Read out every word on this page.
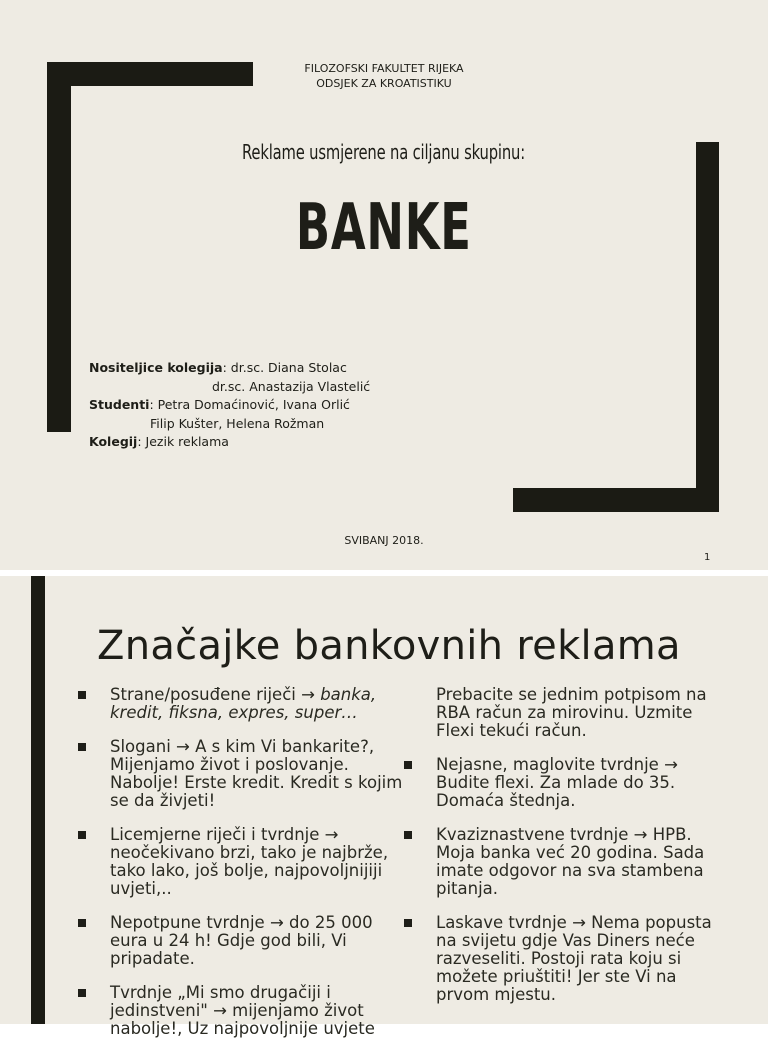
FILOZOFSKI FAKULTET RIJEKA
ODSJEK ZA KROATISTIKU
Reklame usmjerene na ciljanu skupinu:
BANKE
Nositeljice kolegija: dr.sc. Diana Stolac
dr.sc. Anastazija Vlastelić
Studenti: Petra Domaćinović, Ivana Orlić
Filip Kušter, Helena Rožman
Kolegij: Jezik reklama
SVIBANJ 2018.
1
Značajke bankovnih reklama
Strane/posuđene riječi → banka, kredit, fiksna, expres, super…
Slogani → A s kim Vi bankarite?, Mijenjamo život i poslovanje. Nabolje! Erste kredit. Kredit s kojim se da živjeti!
Licemjerne riječi i tvrdnje → neočekivano brzi, tako je najbrže, tako lako, još bolje, najpovoljnijiji uvjeti,..
Nepotpune tvrdnje → do 25 000 eura u 24 h! Gdje god bili, Vi pripadate.
Tvrdnje „Mi smo drugačiji i jedinstveni" → mijenjamo život nabolje!, Uz najpovoljnije uvjete
Prebacite se jednim potpisom na RBA račun za mirovinu. Uzmite Flexi tekući račun.
Nejasne, maglovite tvrdnje → Budite flexi. Za mlade do 35. Domaća štednja.
Kvaziznastvene tvrdnje → HPB. Moja banka već 20 godina. Sada imate odgovor na sva stambena pitanja.
Laskave tvrdnje → Nema popusta na svijetu gdje Vas Diners neće razveseliti. Postoji rata koju si možete priuštiti! Jer ste Vi na prvom mjestu.
